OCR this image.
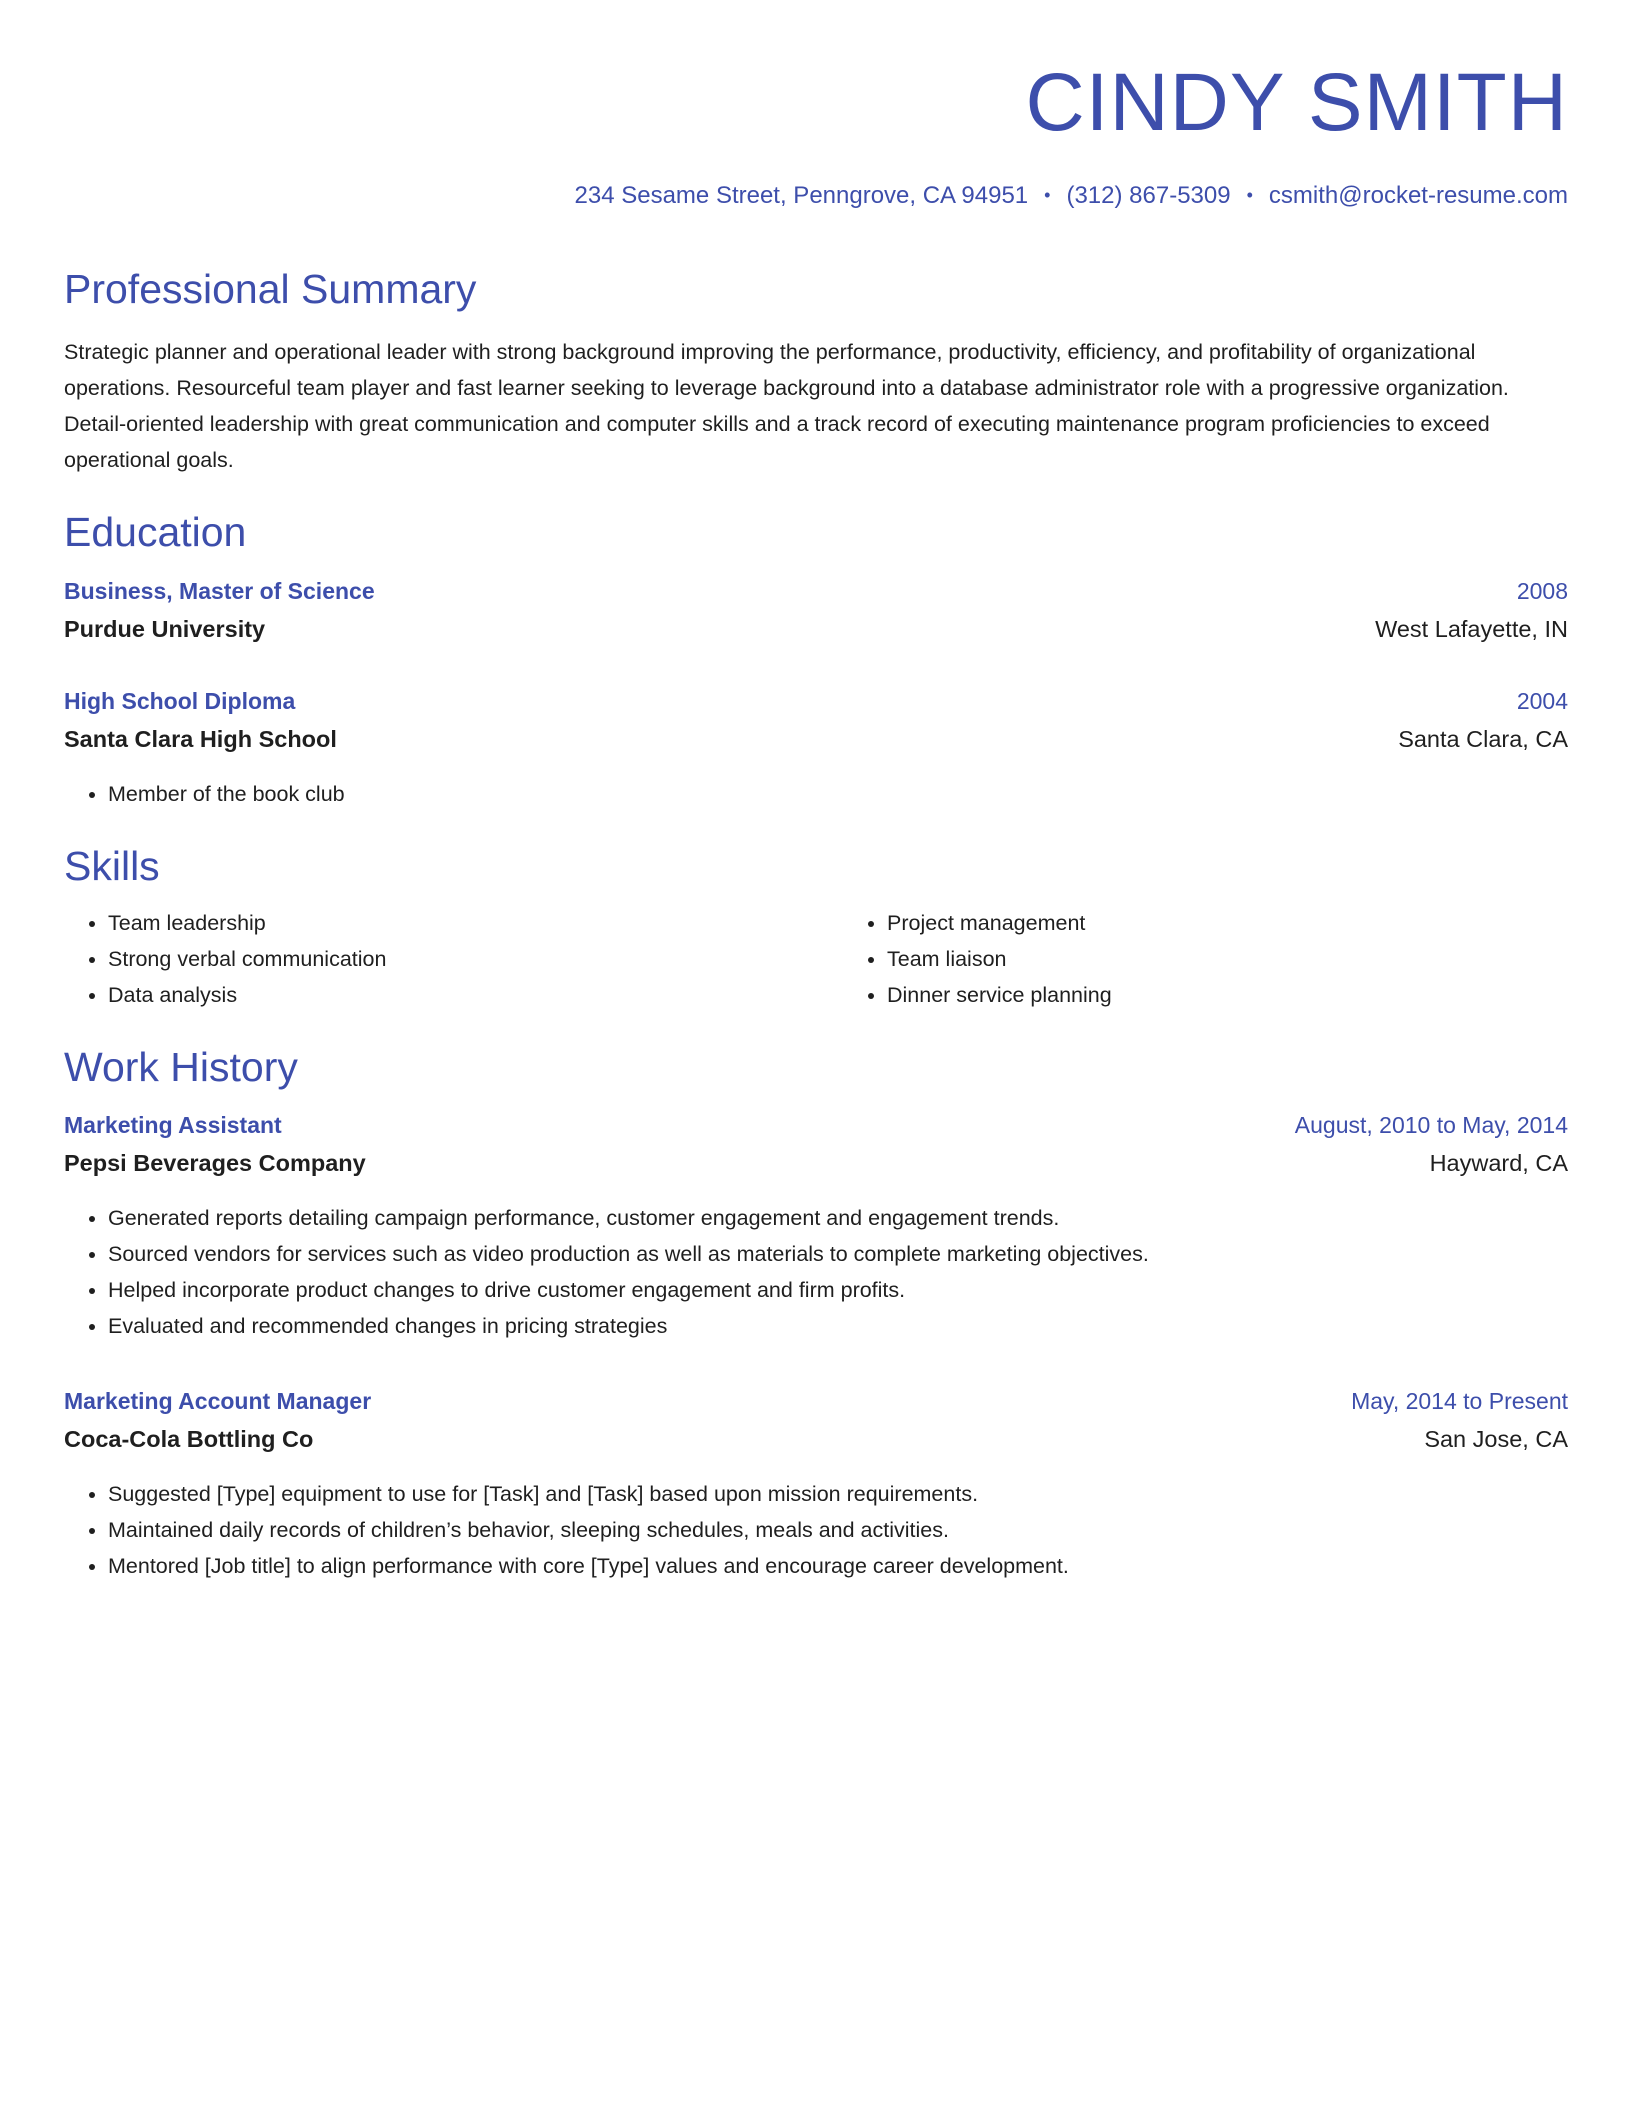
CINDY SMITH
234 Sesame Street, Penngrove, CA 94951 • (312) 867-5309 • csmith@rocket-resume.com
Professional Summary
Strategic planner and operational leader with strong background improving the performance, productivity, efficiency, and profitability of organizational operations. Resourceful team player and fast learner seeking to leverage background into a database administrator role with a progressive organization. Detail-oriented leadership with great communication and computer skills and a track record of executing maintenance program proficiencies to exceed operational goals.
Education
Business, Master of Science	2008
Purdue University	West Lafayette, IN
High School Diploma	2004
Santa Clara High School	Santa Clara, CA
• Member of the book club
Skills
• Team leadership
• Strong verbal communication
• Data analysis
• Project management
• Team liaison
• Dinner service planning
Work History
Marketing Assistant	August, 2010 to May, 2014
Pepsi Beverages Company	Hayward, CA
• Generated reports detailing campaign performance, customer engagement and engagement trends.
• Sourced vendors for services such as video production as well as materials to complete marketing objectives.
• Helped incorporate product changes to drive customer engagement and firm profits.
• Evaluated and recommended changes in pricing strategies
Marketing Account Manager	May, 2014 to Present
Coca-Cola Bottling Co	San Jose, CA
• Suggested [Type] equipment to use for [Task] and [Task] based upon mission requirements.
• Maintained daily records of children’s behavior, sleeping schedules, meals and activities.
• Mentored [Job title] to align performance with core [Type] values and encourage career development.
